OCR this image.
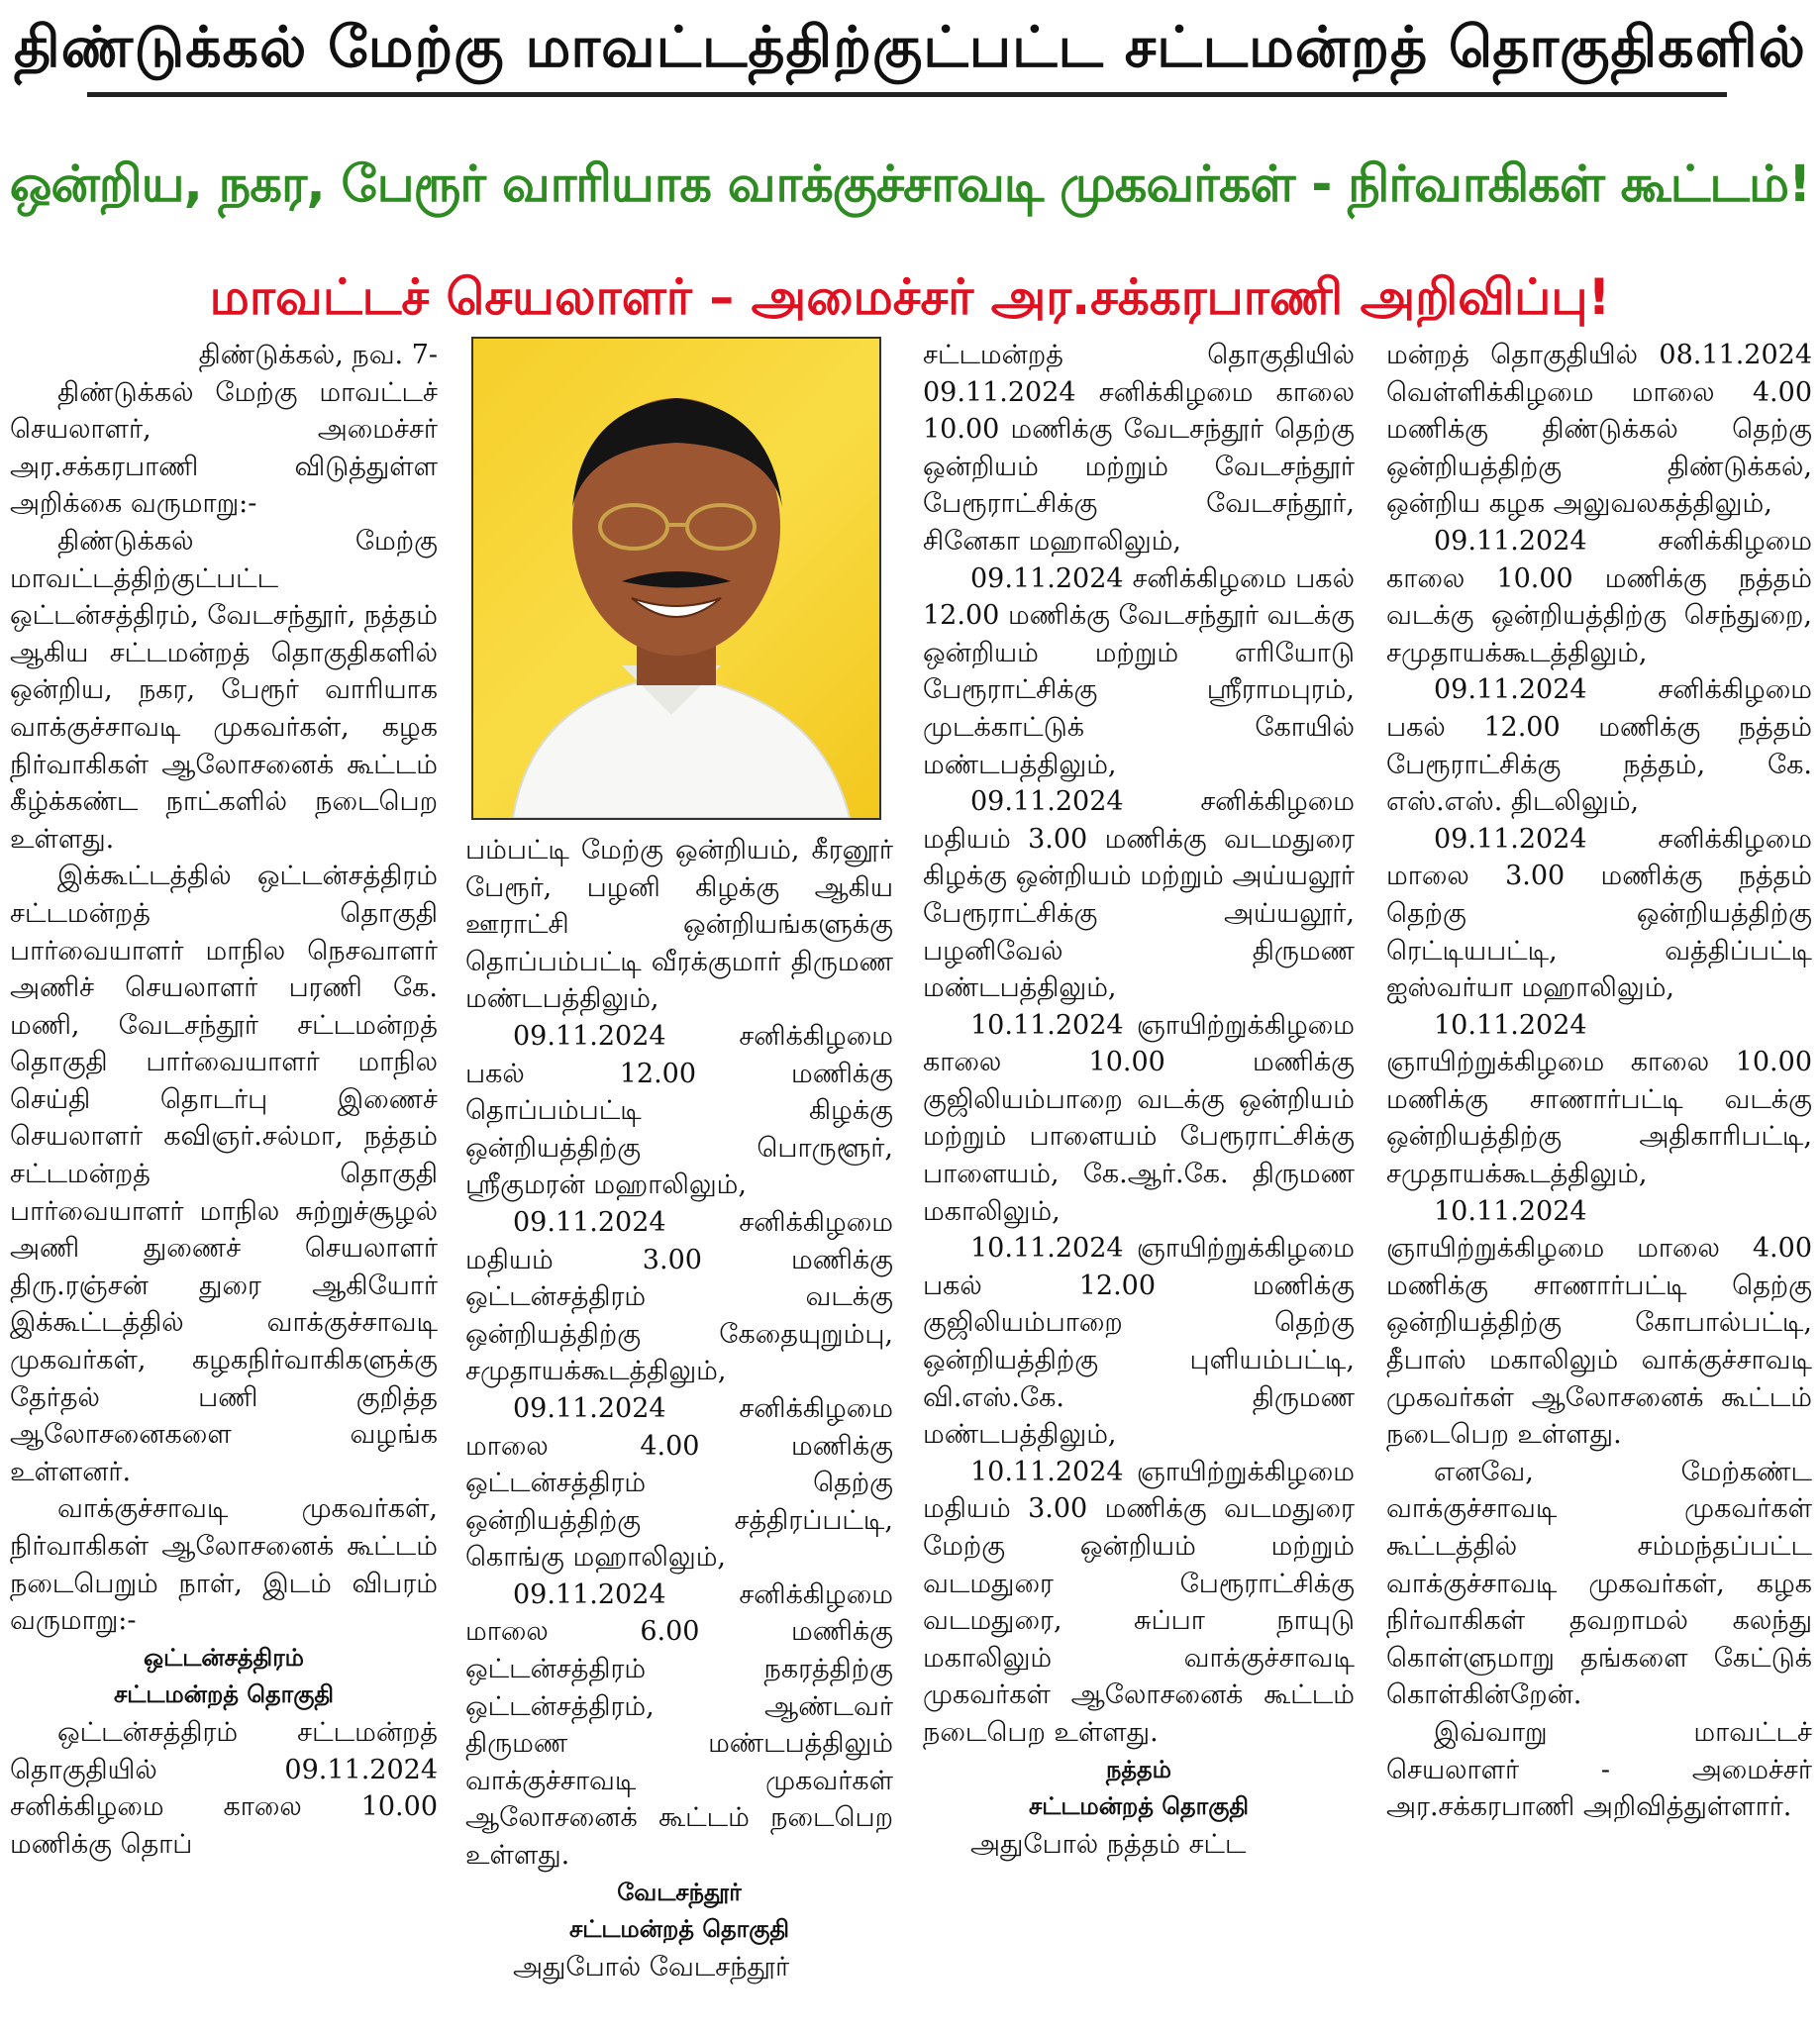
திண்டுக்கல் மேற்கு மாவட்டத்திற்குட்பட்ட சட்டமன்றத் தொகுதிகளில்
ஒன்றிய, நகர, பேரூர் வாரியாக வாக்குச்சாவடி முகவர்கள் - நிர்வாகிகள் கூட்டம்!
மாவட்டச் செயலாளர் – அமைச்சர் அர.சக்கரபாணி அறிவிப்பு!

திண்டுக்கல், நவ. 7-

திண்டுக்கல் மேற்கு மாவட்டச் செயலாளர், அமைச்சர் அர.சக்கரபாணி விடுத்துள்ள அறிக்கை வருமாறு:-

திண்டுக்கல் மேற்கு மாவட்டத்திற்குட்பட்ட ஒட்டன்சத்திரம், வேடசந்தூர், நத்தம் ஆகிய சட்டமன்றத் தொகுதிகளில் ஒன்றிய, நகர, பேரூர் வாரியாக வாக்குச்சாவடி முகவர்கள், கழக நிர்வாகிகள் ஆலோசனைக் கூட்டம் கீழ்க்கண்ட நாட்களில் நடைபெற உள்ளது.

இக்கூட்டத்தில் ஒட்டன்சத்திரம் சட்டமன்றத் தொகுதி பார்வையாளர் மாநில நெசவாளர் அணிச் செயலாளர் பரணி கே. மணி, வேடசந்தூர் சட்டமன்றத் தொகுதி பார்வையாளர் மாநில செய்தி தொடர்பு இணைச் செயலாளர் கவிஞர்.சல்மா, நத்தம் சட்டமன்றத் தொகுதி பார்வையாளர் மாநில சுற்றுச்சூழல் அணி துணைச் செயலாளர் திரு.ரஞ்சன் துரை ஆகியோர் இக்கூட்டத்தில் வாக்குச்சாவடி முகவர்கள், கழகநிர்வாகிகளுக்கு தேர்தல் பணி குறித்த ஆலோசனைகளை வழங்க உள்ளனர்.

வாக்குச்சாவடி முகவர்கள், நிர்வாகிகள் ஆலோசனைக் கூட்டம் நடைபெறும் நாள், இடம் விபரம் வருமாறு:-

ஒட்டன்சத்திரம்

சட்டமன்றத் தொகுதி

ஒட்டன்சத்திரம் சட்டமன்றத் தொகுதியில் 09.11.2024 சனிக்கிழமை காலை 10.00 மணிக்கு தொப்

பம்பட்டி மேற்கு ஒன்றியம், கீரனூர் பேரூர், பழனி கிழக்கு ஆகிய ஊராட்சி ஒன்றியங்களுக்கு தொப்பம்பட்டி வீரக்குமார் திருமண மண்டபத்திலும்,

09.11.2024 சனிக்கிழமை பகல் 12.00 மணிக்கு தொப்பம்பட்டி கிழக்கு ஒன்றியத்திற்கு பொருளூர், ஸ்ரீகுமரன் மஹாலிலும்,

09.11.2024 சனிக்கிழமை மதியம் 3.00 மணிக்கு ஒட்டன்சத்திரம் வடக்கு ஒன்றியத்திற்கு கேதையுறும்பு, சமுதாயக்கூடத்திலும்,

09.11.2024 சனிக்கிழமை மாலை 4.00 மணிக்கு ஒட்டன்சத்திரம் தெற்கு ஒன்றியத்திற்கு சத்திரப்பட்டி, கொங்கு மஹாலிலும்,

09.11.2024 சனிக்கிழமை மாலை 6.00 மணிக்கு ஒட்டன்சத்திரம் நகரத்திற்கு ஒட்டன்சத்திரம், ஆண்டவர் திருமண மண்டபத்திலும் வாக்குச்சாவடி முகவர்கள் ஆலோசனைக் கூட்டம் நடைபெற உள்ளது.

வேடசந்தூர்

சட்டமன்றத் தொகுதி

அதுபோல் வேடசந்தூர்

சட்டமன்றத் தொகுதியில் 09.11.2024 சனிக்கிழமை காலை 10.00 மணிக்கு வேடசந்தூர் தெற்கு ஒன்றியம் மற்றும் வேடசந்தூர் பேரூராட்சிக்கு வேடசந்தூர், சினேகா மஹாலிலும்,

09.11.2024 சனிக்கிழமை பகல் 12.00 மணிக்கு வேடசந்தூர் வடக்கு ஒன்றியம் மற்றும் எரியோடு பேரூராட்சிக்கு ஸ்ரீராமபுரம், முடக்காட்டுக் கோயில் மண்டபத்திலும்,

09.11.2024 சனிக்கிழமை மதியம் 3.00 மணிக்கு வடமதுரை கிழக்கு ஒன்றியம் மற்றும் அய்யலூர் பேரூராட்சிக்கு அய்யலூர், பழனிவேல் திருமண மண்டபத்திலும்,

10.11.2024 ஞாயிற்றுக்கிழமை காலை 10.00 மணிக்கு குஜிலியம்பாறை வடக்கு ஒன்றியம் மற்றும் பாளையம் பேரூராட்சிக்கு பாளையம், கே.ஆர்.கே. திருமண மகாலிலும்,

10.11.2024 ஞாயிற்றுக்கிழமை பகல் 12.00 மணிக்கு குஜிலியம்பாறை தெற்கு ஒன்றியத்திற்கு புளியம்பட்டி, வி.எஸ்.கே. திருமண மண்டபத்திலும்,

10.11.2024 ஞாயிற்றுக்கிழமை மதியம் 3.00 மணிக்கு வடமதுரை மேற்கு ஒன்றியம் மற்றும் வடமதுரை பேரூராட்சிக்கு வடமதுரை, சுப்பா நாயுடு மகாலிலும் வாக்குச்சாவடி முகவர்கள் ஆலோசனைக் கூட்டம் நடைபெற உள்ளது.

நத்தம்

சட்டமன்றத் தொகுதி

அதுபோல் நத்தம் சட்ட

மன்றத் தொகுதியில் 08.11.2024 வெள்ளிக்கிழமை மாலை 4.00 மணிக்கு திண்டுக்கல் தெற்கு ஒன்றியத்திற்கு திண்டுக்கல், ஒன்றிய கழக அலுவலகத்திலும்,

09.11.2024 சனிக்கிழமை காலை 10.00 மணிக்கு நத்தம் வடக்கு ஒன்றியத்திற்கு செந்துறை, சமுதாயக்கூடத்திலும்,

09.11.2024 சனிக்கிழமை பகல் 12.00 மணிக்கு நத்தம் பேரூராட்சிக்கு நத்தம், கே. எஸ்.எஸ். திடலிலும்,

09.11.2024 சனிக்கிழமை மாலை 3.00 மணிக்கு நத்தம் தெற்கு ஒன்றியத்திற்கு ரெட்டியபட்டி, வத்திப்பட்டி ஐஸ்வர்யா மஹாலிலும்,

10.11.2024 ஞாயிற்றுக்கிழமை காலை 10.00 மணிக்கு சாணார்பட்டி வடக்கு ஒன்றியத்திற்கு அதிகாரிபட்டி, சமுதாயக்கூடத்திலும்,

10.11.2024 ஞாயிற்றுக்கிழமை மாலை 4.00 மணிக்கு சாணார்பட்டி தெற்கு ஒன்றியத்திற்கு கோபால்பட்டி, தீபாஸ் மகாலிலும் வாக்குச்சாவடி முகவர்கள் ஆலோசனைக் கூட்டம் நடைபெற உள்ளது.

எனவே, மேற்கண்ட வாக்குச்சாவடி முகவர்கள் கூட்டத்தில் சம்மந்தப்பட்ட வாக்குச்சாவடி முகவர்கள், கழக நிர்வாகிகள் தவறாமல் கலந்து கொள்ளுமாறு தங்களை கேட்டுக் கொள்கின்றேன்.

இவ்வாறு மாவட்டச் செயலாளர் - அமைச்சர் அர.சக்கரபாணி அறிவித்துள்ளார்.
